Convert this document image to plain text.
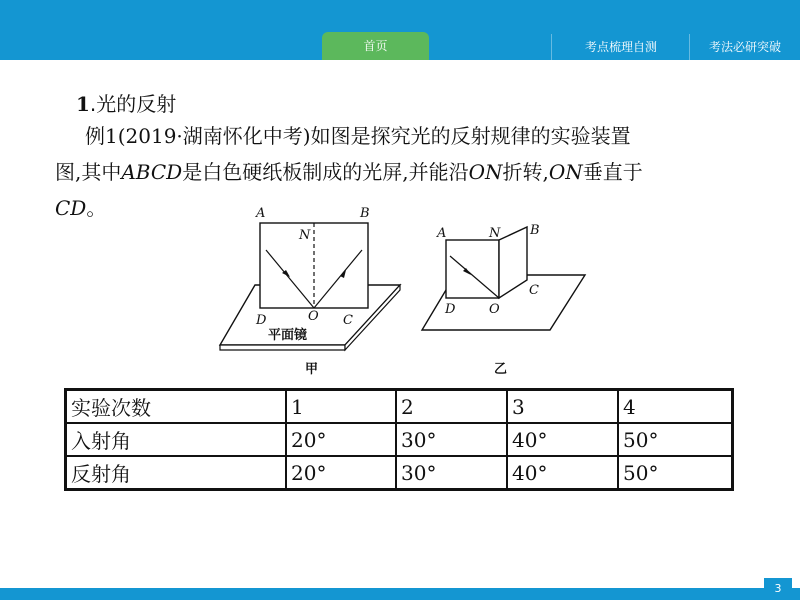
首页	考点梳理自测	考法必研突破
1.光的反射

例1(2019·湖南怀化中考)如图是探究光的反射规律的实验装置

图,其中ABCD是白色硬纸板制成的光屏,并能沿ON折转,ON垂直于

CD。	A	B
N
O
D	C
平面镜
甲
A	B
N
O
D
C
乙
实验次数	1	2	3	4
入射角	20°	30°	40°	50°
反射角	20°	30°	40°	50°
3
